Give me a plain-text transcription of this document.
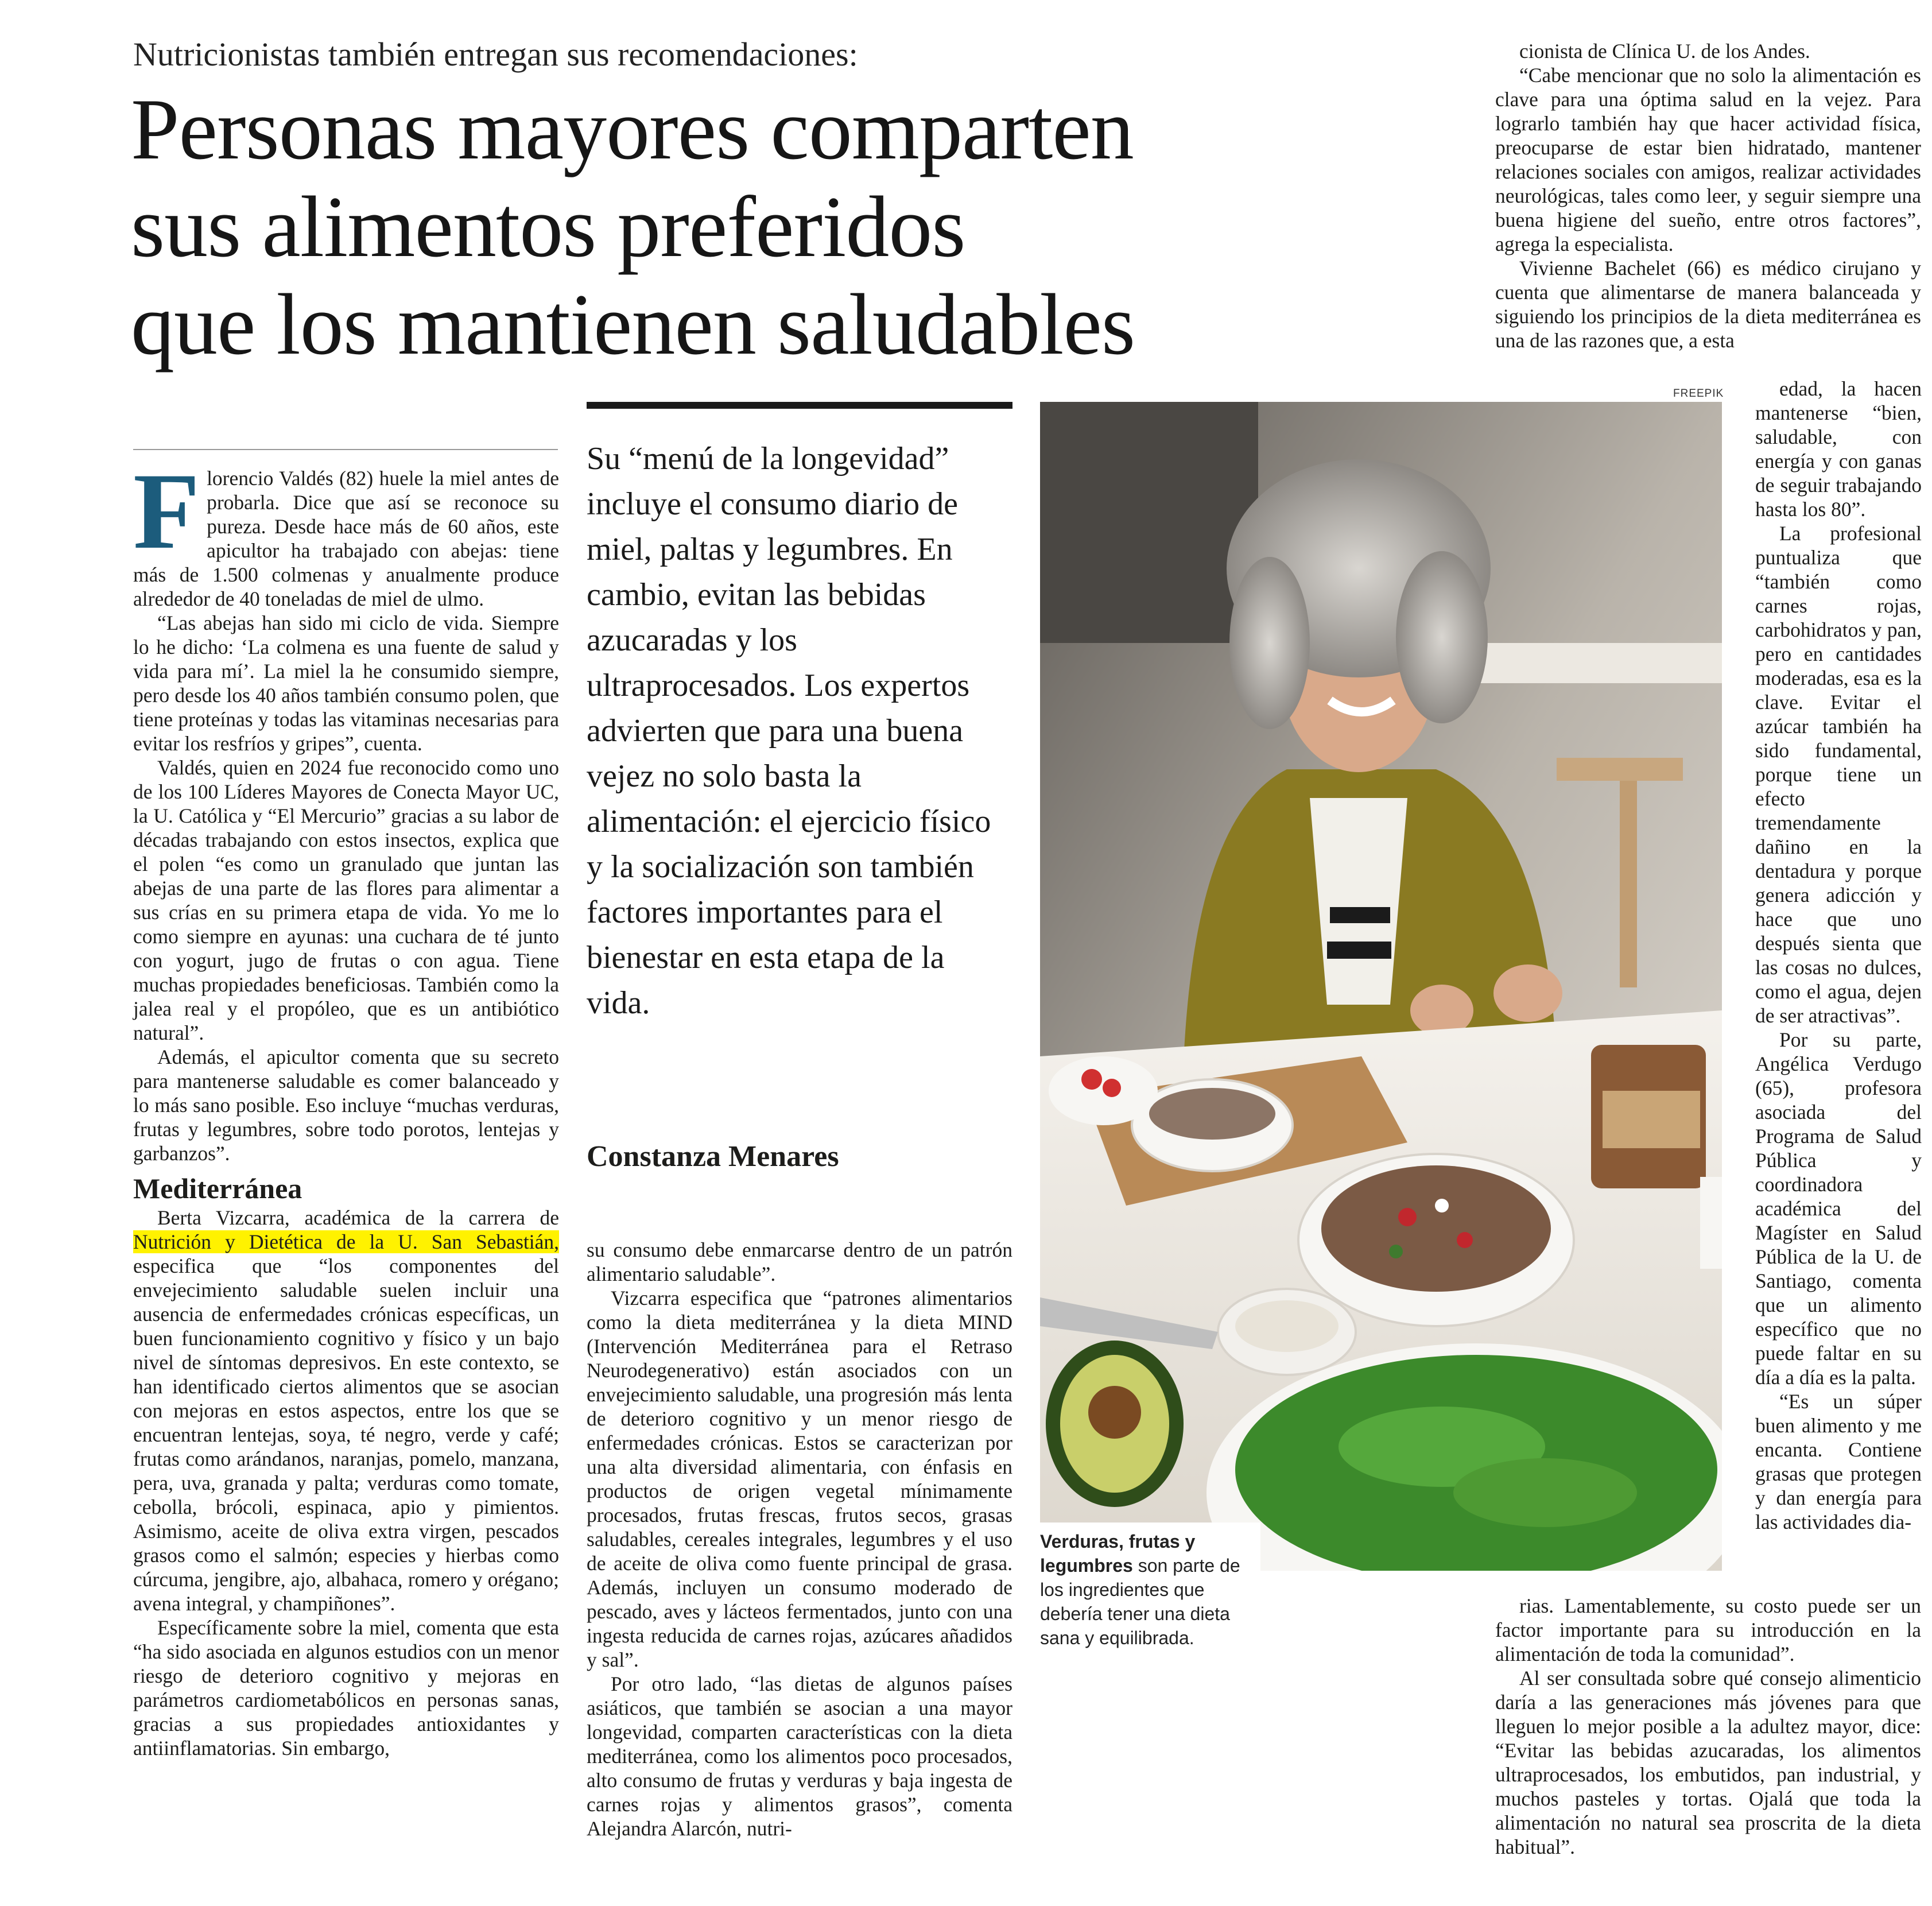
Nutricionistas también entregan sus recomendaciones:
Personas mayores comparten
sus alimentos preferidos
que los mantienen saludables

Florencio Valdés (82) huele la miel antes de probarla. Dice que así se reconoce su pureza. Desde hace más de 60 años, este apicultor ha trabajado con abejas: tiene más de 1.500 colmenas y anualmente produce alrededor de 40 toneladas de miel de ulmo.

“Las abejas han sido mi ciclo de vida. Siempre lo he dicho: ‘La colmena es una fuente de salud y vida para mí’. La miel la he consumido siempre, pero desde los 40 años también consumo polen, que tiene proteínas y todas las vitaminas necesarias para evitar los resfríos y gripes”, cuenta.

Valdés, quien en 2024 fue reconocido como uno de los 100 Líderes Mayores de Conecta Mayor UC, la U. Católica y “El Mercurio” gracias a su labor de décadas trabajando con estos insectos, explica que el polen “es como un granulado que juntan las abejas de una parte de las flores para alimentar a sus crías en su primera etapa de vida. Yo me lo como siempre en ayunas: una cuchara de té junto con yogurt, jugo de frutas o con agua. Tiene muchas propiedades beneficiosas. También como la jalea real y el propóleo, que es un antibiótico natural”.

Además, el apicultor comenta que su secreto para mantenerse saludable es comer balanceado y lo más sano posible. Eso incluye “muchas verduras, frutas y legumbres, sobre todo porotos, lentejas y garbanzos”.

Mediterránea

Berta Vizcarra, académica de la carrera de Nutrición y Dietética de la U. San Sebastián, especifica que “los componentes del envejecimiento saludable suelen incluir una ausencia de enfermedades crónicas específicas, un buen funcionamiento cognitivo y físico y un bajo nivel de síntomas depresivos. En este contexto, se han identificado ciertos alimentos que se asocian con mejoras en estos aspectos, entre los que se encuentran lentejas, soya, té negro, verde y café; frutas como arándanos, naranjas, pomelo, manzana, pera, uva, granada y palta; verduras como tomate, cebolla, brócoli, espinaca, apio y pimientos. Asimismo, aceite de oliva extra virgen, pescados grasos como el salmón; especies y hierbas como cúrcuma, jengibre, ajo, albahaca, romero y orégano; avena integral, y champiñones”.

Específicamente sobre la miel, comenta que esta “ha sido asociada en algunos estudios con un menor riesgo de deterioro cognitivo y mejoras en parámetros cardiometabólicos en personas sanas, gracias a sus propiedades antioxidantes y antiinflamatorias. Sin embargo,

Su “menú de la longevidad” incluye el consumo diario de miel, paltas y legumbres. En cambio, evitan las bebidas azucaradas y los ultraprocesados. Los expertos advierten que para una buena vejez no solo basta la alimentación: el ejercicio físico y la socialización son también factores importantes para el bienestar en esta etapa de la vida.
Constanza Menares

su consumo debe enmarcarse dentro de un patrón alimentario saludable”.

Vizcarra especifica que “patrones alimentarios como la dieta mediterránea y la dieta MIND (Intervención Mediterránea para el Retraso Neurodegenerativo) están asociados con un envejecimiento saludable, una progresión más lenta de deterioro cognitivo y un menor riesgo de enfermedades crónicas. Estos se caracterizan por una alta diversidad alimentaria, con énfasis en productos de origen vegetal mínimamente procesados, frutas frescas, frutos secos, grasas saludables, cereales integrales, legumbres y el uso de aceite de oliva como fuente principal de grasa. Además, incluyen un consumo moderado de pescado, aves y lácteos fermentados, junto con una ingesta reducida de carnes rojas, azúcares añadidos y sal”.

Por otro lado, “las dietas de algunos países asiáticos, que también se asocian a una mayor longevidad, comparten características con la dieta mediterránea, como los alimentos poco procesados, alto consumo de frutas y verduras y baja ingesta de carnes rojas y alimentos grasos”, comenta Alejandra Alarcón, nutri-

FREEPIK
Verduras, frutas y legumbres son parte de los ingredientes que debería tener una dieta sana y equilibrada.

cionista de Clínica U. de los Andes.

“Cabe mencionar que no solo la alimentación es clave para una óptima salud en la vejez. Para lograrlo también hay que hacer actividad física, preocuparse de estar bien hidratado, mantener relaciones sociales con amigos, realizar actividades neurológicas, tales como leer, y seguir siempre una buena higiene del sueño, entre otros factores”, agrega la especialista.

Vivienne Bachelet (66) es médico cirujano y cuenta que alimentarse de manera balanceada y siguiendo los principios de la dieta mediterránea es una de las razones que, a esta

edad, la hacen mantenerse “bien, saludable, con energía y con ganas de seguir trabajando hasta los 80”.

La profesional puntualiza que “también como carnes rojas, carbohidratos y pan, pero en cantidades moderadas, esa es la clave. Evitar el azúcar también ha sido fundamental, porque tiene un efecto tremendamente dañino en la dentadura y porque genera adicción y hace que uno después sienta que las cosas no dulces, como el agua, dejen de ser atractivas”.

Por su parte, Angélica Verdugo (65), profesora asociada del Programa de Salud Pública y coordinadora académica del Magíster en Salud Pública de la U. de Santiago, comenta que un alimento específico que no puede faltar en su día a día es la palta.

“Es un súper buen alimento y me encanta. Contiene grasas que protegen y dan energía para las actividades dia-

rias. Lamentablemente, su costo puede ser un factor importante para su introducción en la alimentación de toda la comunidad”.

Al ser consultada sobre qué consejo alimenticio daría a las generaciones más jóvenes para que lleguen lo mejor posible a la adultez mayor, dice: “Evitar las bebidas azucaradas, los alimentos ultraprocesados, los embutidos, pan industrial, y muchos pasteles y tortas. Ojalá que toda la alimentación no natural sea proscrita de la dieta habitual”.
